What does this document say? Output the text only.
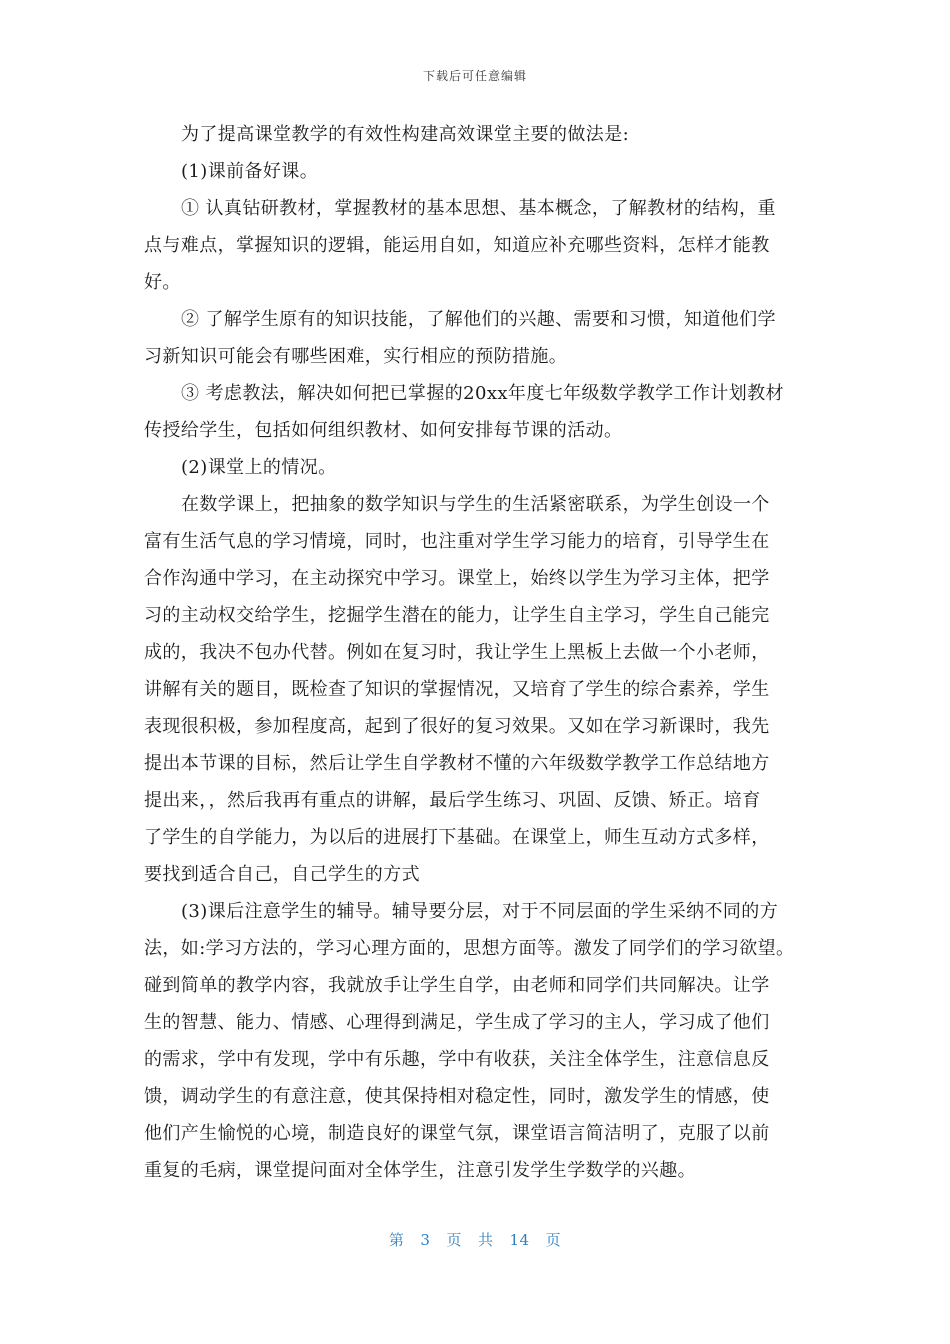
下载后可任意编辑
为了提高课堂教学的有效性构建高效课堂主要的做法是:
(1)课前备好课。
① 认真钻研教材，掌握教材的基本思想、基本概念，了解教材的结构，重
点与难点，掌握知识的逻辑，能运用自如，知道应补充哪些资料，怎样才能教
好。
② 了解学生原有的知识技能，了解他们的兴趣、需要和习惯，知道他们学
习新知识可能会有哪些困难，实行相应的预防措施。
③ 考虑教法，解决如何把已掌握的20xx年度七年级数学教学工作计划教材
传授给学生，包括如何组织教材、如何安排每节课的活动。
(2)课堂上的情况。
在数学课上，把抽象的数学知识与学生的生活紧密联系，为学生创设一个
富有生活气息的学习情境，同时，也注重对学生学习能力的培育，引导学生在
合作沟通中学习，在主动探究中学习。课堂上，始终以学生为学习主体，把学
习的主动权交给学生，挖掘学生潜在的能力，让学生自主学习，学生自己能完
成的，我决不包办代替。例如在复习时，我让学生上黑板上去做一个小老师，
讲解有关的题目，既检查了知识的掌握情况，又培育了学生的综合素养，学生
表现很积极，参加程度高，起到了很好的复习效果。又如在学习新课时，我先
提出本节课的目标，然后让学生自学教材不懂的六年级数学教学工作总结地方
提出来，，然后我再有重点的讲解，最后学生练习、巩固、反馈、矫正。培育
了学生的自学能力，为以后的进展打下基础。在课堂上，师生互动方式多样，
要找到适合自己，自己学生的方式
(3)课后注意学生的辅导。辅导要分层，对于不同层面的学生采纳不同的方
法，如:学习方法的，学习心理方面的，思想方面等。激发了同学们的学习欲望。
碰到简单的教学内容，我就放手让学生自学，由老师和同学们共同解决。让学
生的智慧、能力、情感、心理得到满足，学生成了学习的主人，学习成了他们
的需求，学中有发现，学中有乐趣，学中有收获，关注全体学生，注意信息反
馈，调动学生的有意注意，使其保持相对稳定性，同时，激发学生的情感，使
他们产生愉悦的心境，制造良好的课堂气氛，课堂语言简洁明了，克服了以前
重复的毛病，课堂提问面对全体学生，注意引发学生学数学的兴趣。
第 3 页 共 14 页
